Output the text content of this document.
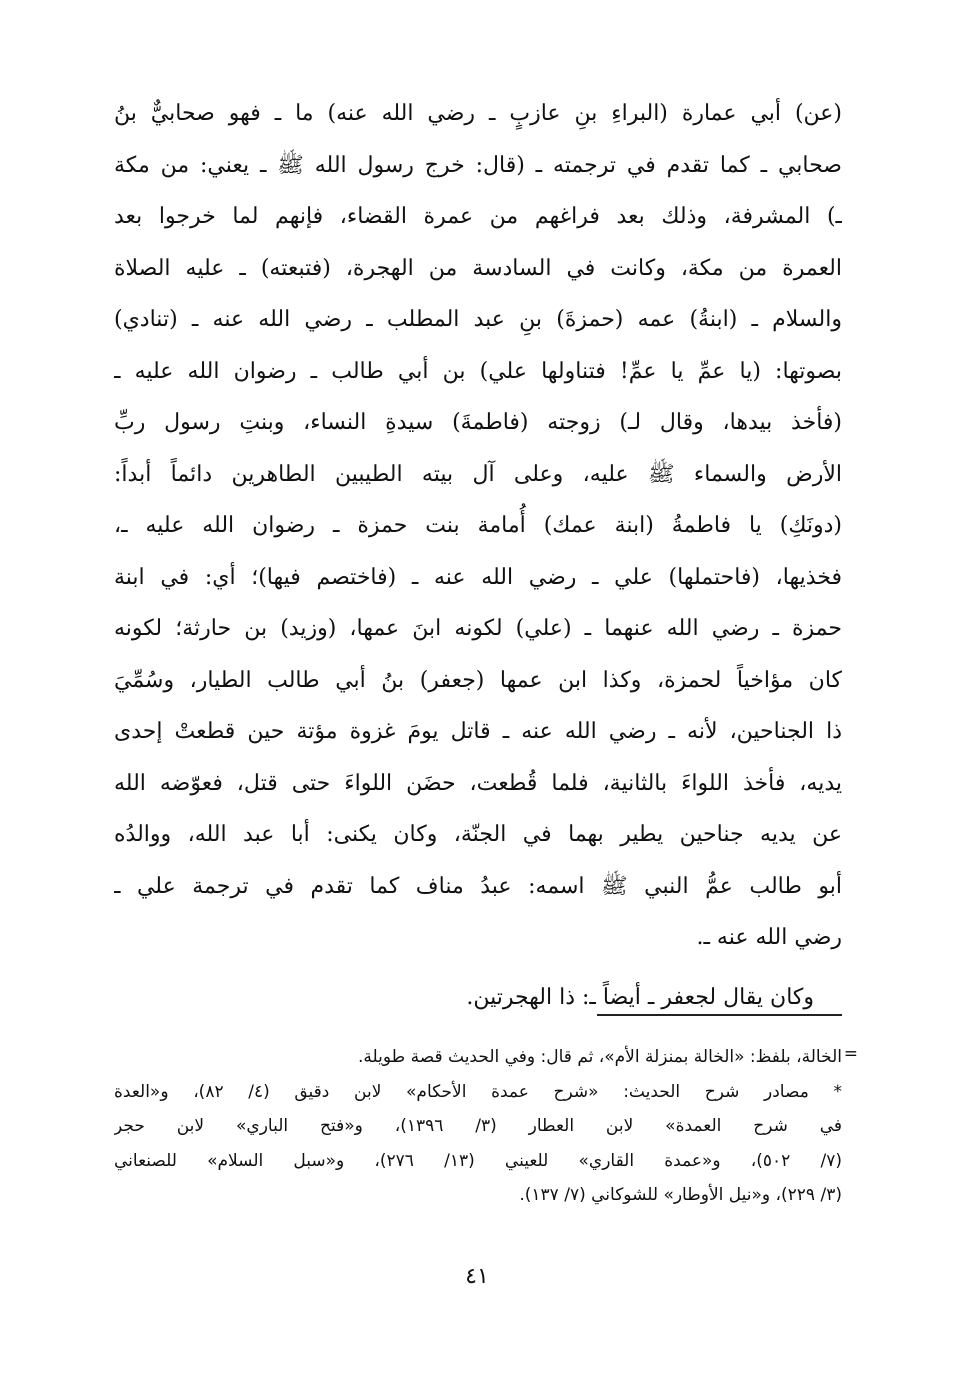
(عن) أبي عمارة (البراءِ بنِ عازبٍ ـ رضي الله عنه) ما ـ فهو صحابيٌّ بنُ
صحابي ـ كما تقدم في ترجمته ـ (قال: خرج رسول الله ﷺ ـ يعني: من مكة
ـ) المشرفة، وذلك بعد فراغهم من عمرة القضاء، فإنهم لما خرجوا بعد
العمرة من مكة، وكانت في السادسة من الهجرة، (فتبعته) ـ عليه الصلاة
والسلام ـ (ابنةُ) عمه (حمزةَ) بنِ عبد المطلب ـ رضي الله عنه ـ (تنادي)
بصوتها: (يا عمِّ يا عمِّ! فتناولها علي) بن أبي طالب ـ رضوان الله عليه ـ
(فأخذ بيدها، وقال لـ) زوجته (فاطمةَ) سيدةِ النساء، وبنتِ رسول ربِّ
الأرض والسماء ﷺ عليه، وعلى آل بيته الطيبين الطاهرين دائماً أبداً:
(دونَكِ) يا فاطمةُ (ابنة عمك) أُمامة بنت حمزة ـ رضوان الله عليه ـ،
فخذيها، (فاحتملها) علي ـ رضي الله عنه ـ (فاختصم فيها)؛ أي: في ابنة
حمزة ـ رضي الله عنهما ـ (علي) لكونه ابنَ عمها، (وزيد) بن حارثة؛ لكونه
كان مؤاخياً لحمزة، وكذا ابن عمها (جعفر) بنُ أبي طالب الطيار، وسُمِّيَ
ذا الجناحين، لأنه ـ رضي الله عنه ـ قاتل يومَ غزوة مؤتة حين قطعتْ إحدى
يديه، فأخذ اللواءَ بالثانية، فلما قُطعت، حضَن اللواءَ حتى قتل، فعوّضه الله
عن يديه جناحين يطير بهما في الجنّة، وكان يكنى: أبا عبد الله، ووالدُه
أبو طالب عمُّ النبي ﷺ اسمه: عبدُ مناف كما تقدم في ترجمة علي ـ
رضي الله عنه ـ.
وكان يقال لجعفر ـ أيضاً ـ: ذا الهجرتين.
=
الخالة، بلفظ: «الخالة بمنزلة الأم»، ثم قال: وفي الحديث قصة طويلة.
* مصادر شرح الحديث: «شرح عمدة الأحكام» لابن دقيق (٤/ ٨٢)، و«العدة
في شرح العمدة» لابن العطار (٣/ ١٣٩٦)، و«فتح الباري» لابن حجر
(٧/ ٥٠٢)، و«عمدة القاري» للعيني (١٣/ ٢٧٦)، و«سبل السلام» للصنعاني
(٣/ ٢٢٩)، و«نيل الأوطار» للشوكاني (٧/ ١٣٧).
٤١
